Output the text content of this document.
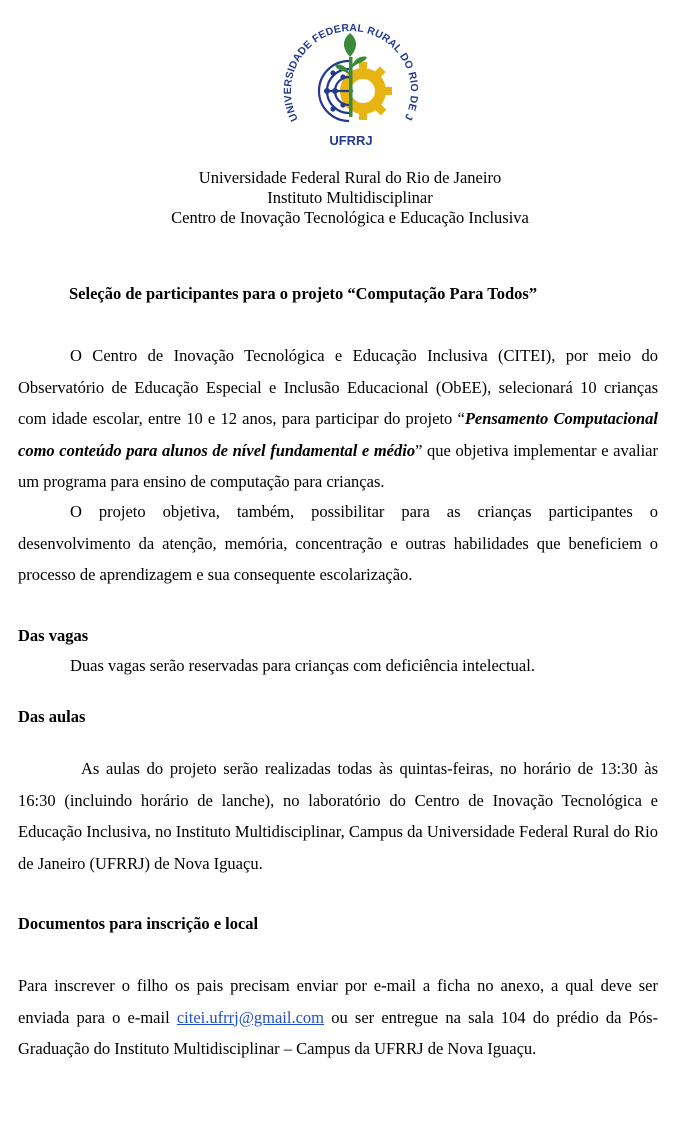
UNIVERSIDADE FEDERAL RURAL DO RIO DE J
UFRRJ
Universidade Federal Rural do Rio de Janeiro
Instituto Multidisciplinar
Centro de Inovação Tecnológica e Educação Inclusiva
Seleção de participantes para o projeto “Computação Para Todos”
O Centro de Inovação Tecnológica e Educação Inclusiva (CITEI), por meio do Observatório de Educação Especial e Inclusão Educacional (ObEE), selecionará 10 crianças com idade escolar, entre 10 e 12 anos, para participar do projeto “Pensamento Computacional como conteúdo para alunos de nível fundamental e médio” que objetiva implementar e avaliar um programa para ensino de computação para crianças.
O projeto objetiva, também, possibilitar para as crianças participantes o desenvolvimento da atenção, memória, concentração e outras habilidades que beneficiem o processo de aprendizagem e sua consequente escolarização.
Das vagas
Duas vagas serão reservadas para crianças com deficiência intelectual.
Das aulas
As aulas do projeto serão realizadas todas às quintas-feiras, no horário de 13:30 às 16:30 (incluindo horário de lanche), no laboratório do Centro de Inovação Tecnológica e Educação Inclusiva, no Instituto Multidisciplinar, Campus da Universidade Federal Rural do Rio de Janeiro (UFRRJ) de Nova Iguaçu.
Documentos para inscrição e local
Para inscrever o filho os pais precisam enviar por e-mail a ficha no anexo, a qual deve ser enviada para o e-mail citei.ufrrj@gmail.com ou ser entregue na sala 104 do prédio da Pós-Graduação do Instituto Multidisciplinar – Campus da UFRRJ de Nova Iguaçu.
